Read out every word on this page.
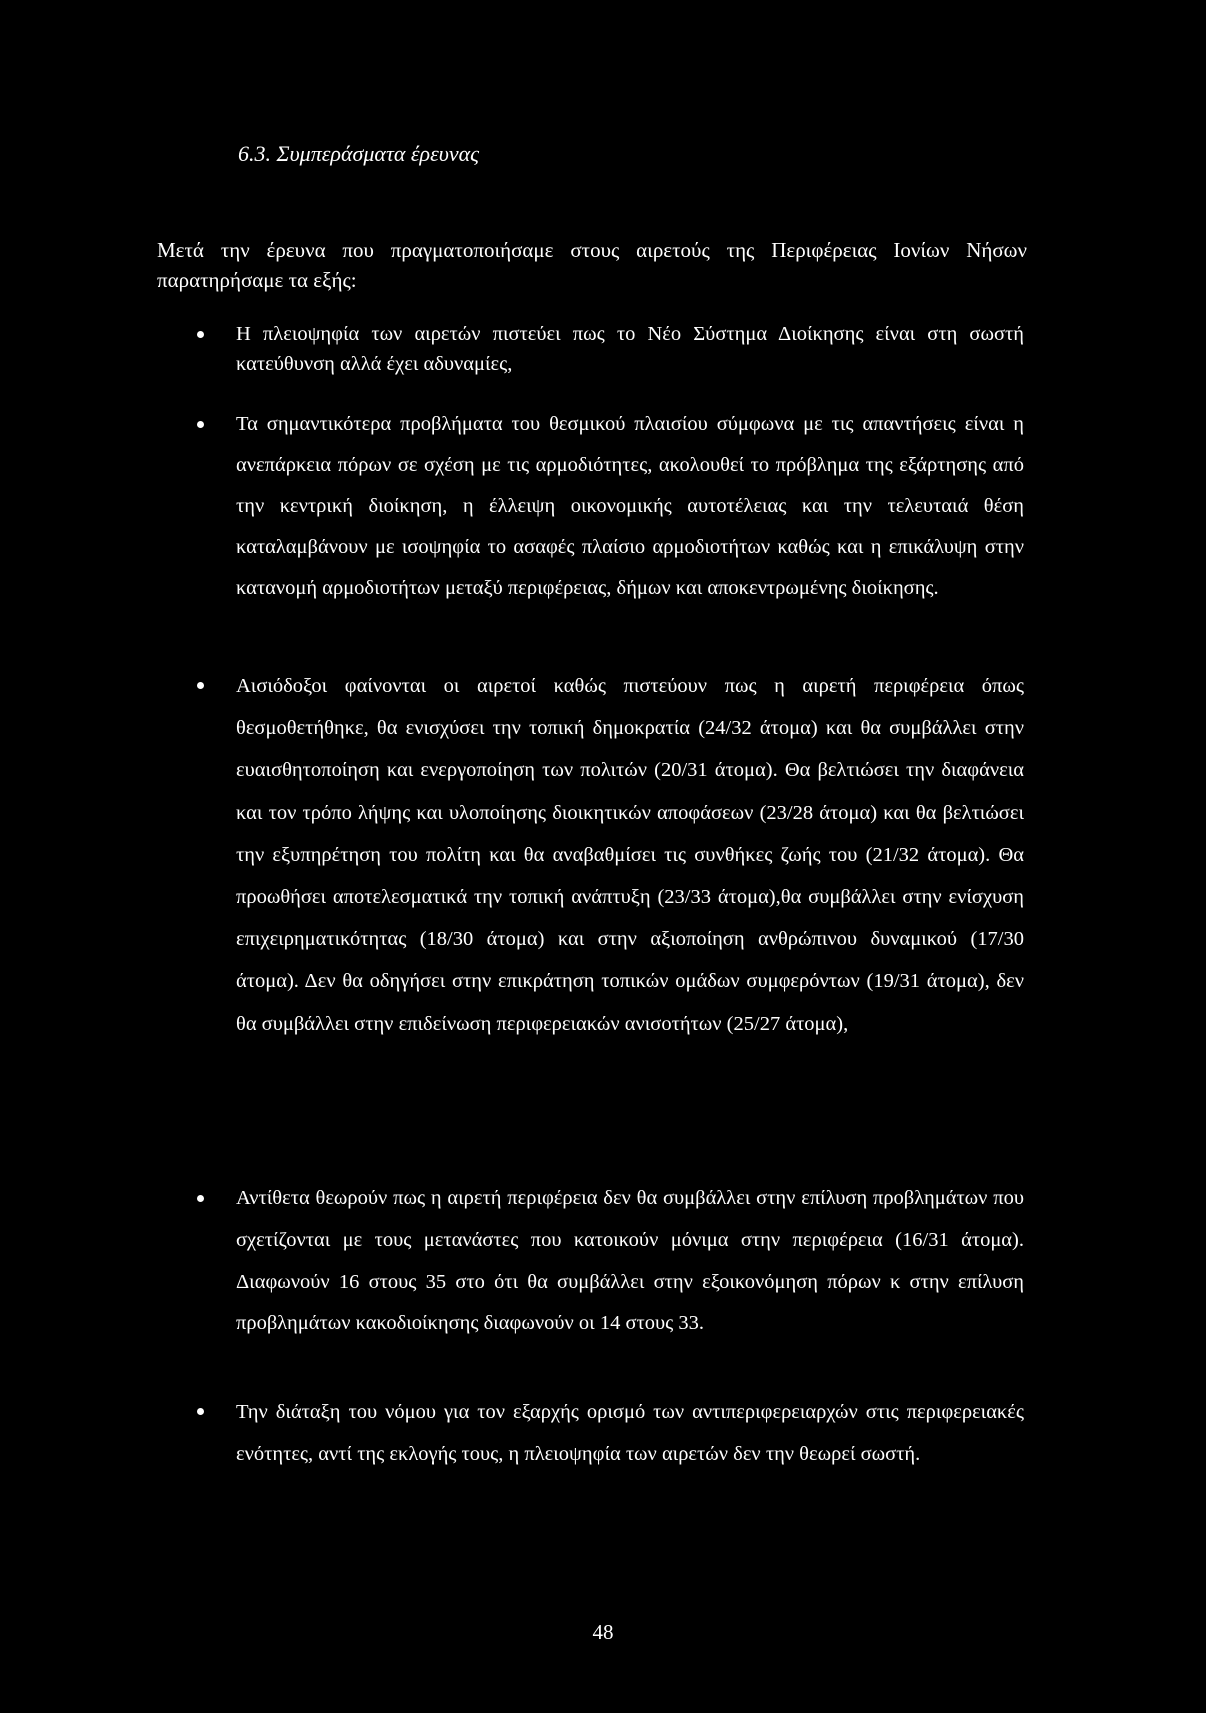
6.3. Συμπεράσματα έρευνας

Μετά την έρευνα που πραγματοποιήσαμε στους αιρετούς της Περιφέρειας Ιονίων Νήσων παρατηρήσαμε τα εξής:

Η πλειοψηφία των αιρετών πιστεύει πως το Νέο Σύστημα Διοίκησης είναι στη σωστή κατεύθυνση αλλά έχει αδυναμίες,
Τα σημαντικότερα προβλήματα του θεσμικού πλαισίου σύμφωνα με τις απαντήσεις είναι η ανεπάρκεια πόρων σε σχέση με τις αρμοδιότητες, ακολουθεί το πρόβλημα της εξάρτησης από την κεντρική διοίκηση, η έλλειψη οικονομικής αυτοτέλειας και την τελευταιά θέση καταλαμβάνουν με ισοψηφία το ασαφές πλαίσιο αρμοδιοτήτων καθώς και η επικάλυψη στην κατανομή αρμοδιοτήτων μεταξύ περιφέρειας, δήμων και αποκεντρωμένης διοίκησης.
Αισιόδοξοι φαίνονται οι αιρετοί καθώς πιστεύουν πως η αιρετή περιφέρεια όπως θεσμοθετήθηκε, θα ενισχύσει την τοπική δημοκρατία (24/32 άτομα) και θα συμβάλλει στην ευαισθητοποίηση και ενεργοποίηση των πολιτών (20/31 άτομα). Θα βελτιώσει την διαφάνεια και τον τρόπο λήψης και υλοποίησης διοικητικών αποφάσεων (23/28 άτομα) και θα βελτιώσει την εξυπηρέτηση του πολίτη και θα αναβαθμίσει τις συνθήκες ζωής του (21/32 άτομα). Θα προωθήσει αποτελεσματικά την τοπική ανάπτυξη (23/33 άτομα),θα συμβάλλει στην ενίσχυση επιχειρηματικότητας (18/30 άτομα) και στην αξιοποίηση ανθρώπινου δυναμικού (17/30 άτομα). Δεν θα οδηγήσει στην επικράτηση τοπικών ομάδων συμφερόντων (19/31 άτομα), δεν θα συμβάλλει στην επιδείνωση περιφερειακών ανισοτήτων (25/27 άτομα),
Αντίθετα θεωρούν πως η αιρετή περιφέρεια δεν θα συμβάλλει στην επίλυση προβλημάτων που σχετίζονται με τους μετανάστες που κατοικούν μόνιμα στην περιφέρεια (16/31 άτομα). Διαφωνούν 16 στους 35 στο ότι θα συμβάλλει στην εξοικονόμηση πόρων κ στην επίλυση προβλημάτων κακοδιοίκησης διαφωνούν οι 14 στους 33.
Την διάταξη του νόμου για τον εξαρχής ορισμό των αντιπεριφερειαρχών στις περιφερειακές ενότητες, αντί της εκλογής τους, η πλειοψηφία των αιρετών δεν την θεωρεί σωστή.

48
